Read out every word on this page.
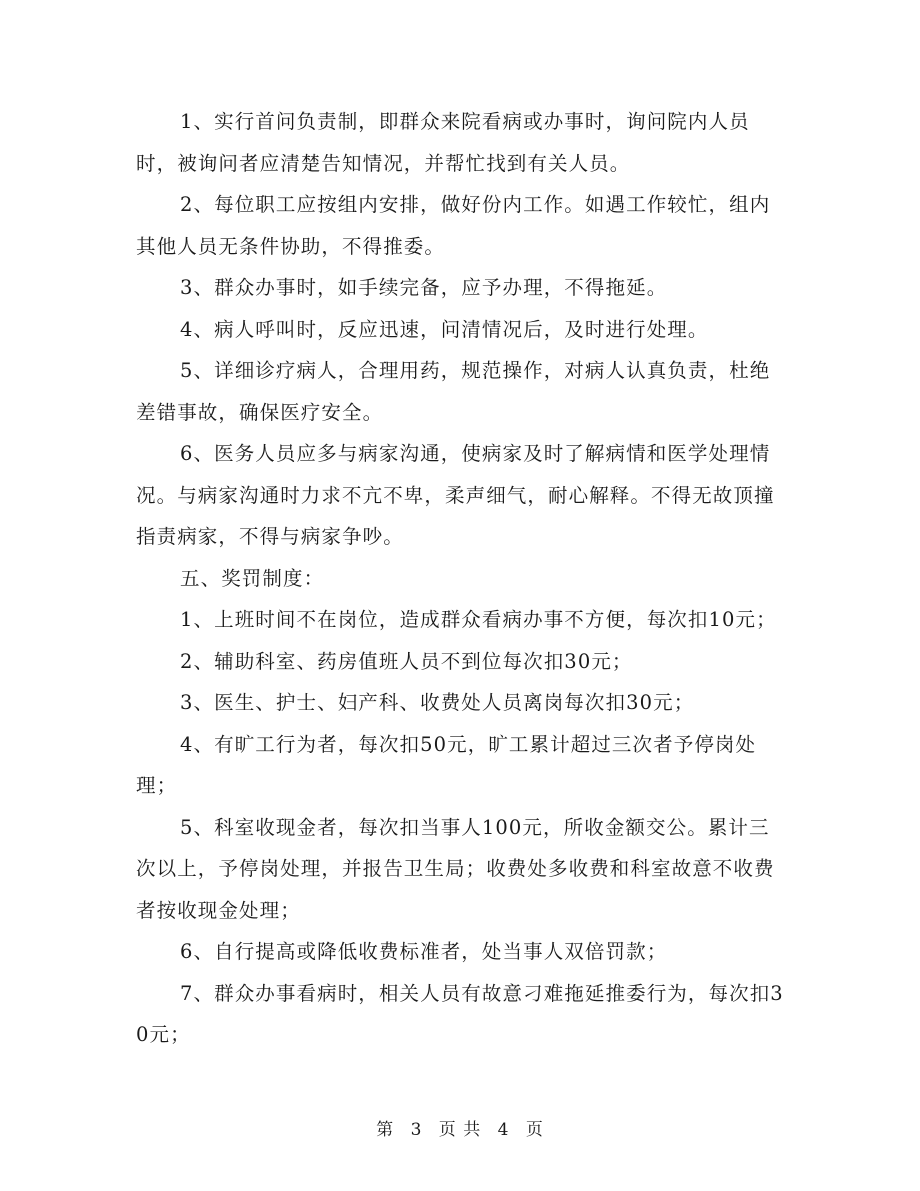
1、实行首问负责制，即群众来院看病或办事时，询问院内人员时，被询问者应清楚告知情况，并帮忙找到有关人员。

2、每位职工应按组内安排，做好份内工作。如遇工作较忙，组内其他人员无条件协助，不得推委。

3、群众办事时，如手续完备，应予办理，不得拖延。

4、病人呼叫时，反应迅速，问清情况后，及时进行处理。

5、详细诊疗病人，合理用药，规范操作，对病人认真负责，杜绝差错事故，确保医疗安全。

6、医务人员应多与病家沟通，使病家及时了解病情和医学处理情况。与病家沟通时力求不亢不卑，柔声细气，耐心解释。不得无故顶撞指责病家，不得与病家争吵。

五、奖罚制度：

1、上班时间不在岗位，造成群众看病办事不方便，每次扣10元；

2、辅助科室、药房值班人员不到位每次扣30元；

3、医生、护士、妇产科、收费处人员离岗每次扣30元；

4、有旷工行为者，每次扣50元，旷工累计超过三次者予停岗处理；

5、科室收现金者，每次扣当事人100元，所收金额交公。累计三次以上，予停岗处理，并报告卫生局；收费处多收费和科室故意不收费者按收现金处理；

6、自行提高或降低收费标准者，处当事人双倍罚款；

7、群众办事看病时，相关人员有故意刁难拖延推委行为，每次扣30元；

第 3 页 共 4 页
